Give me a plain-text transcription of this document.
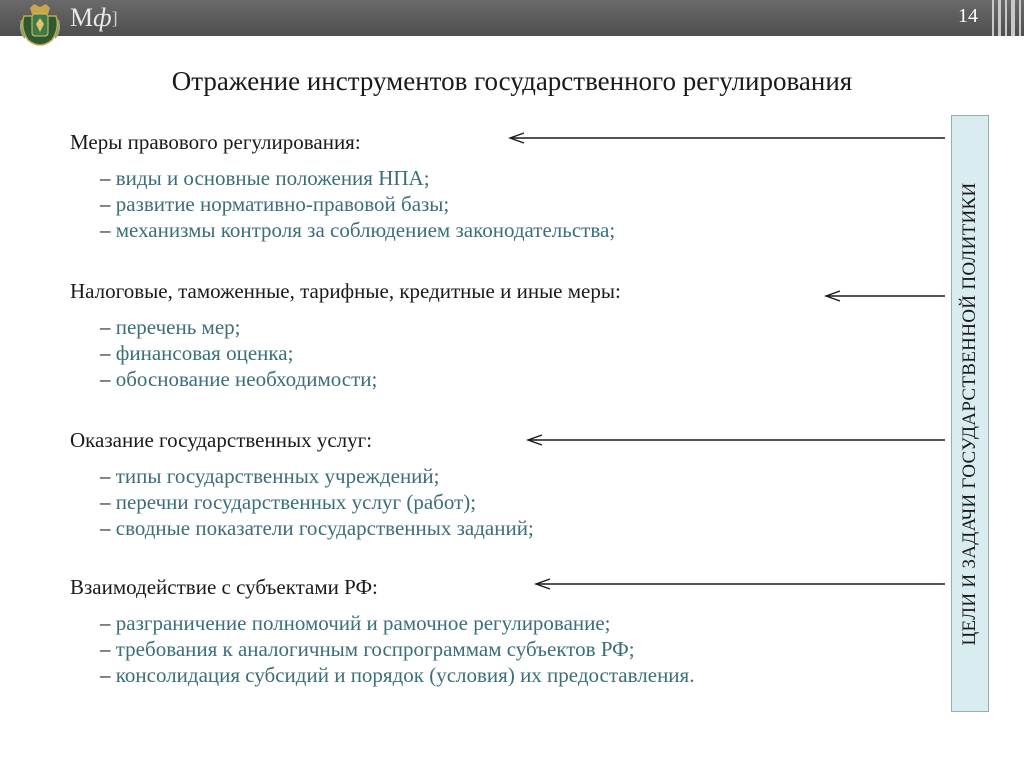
Мф]	14
Отражение инструментов государственного регулирования
Меры правового регулирования:
– виды и основные положения НПА;
– развитие нормативно-правовой базы;
– механизмы контроля за соблюдением законодательства;
Налоговые, таможенные, тарифные, кредитные и иные меры:
– перечень мер;
– финансовая оценка;
– обоснование необходимости;
Оказание государственных услуг:
– типы государственных учреждений;
– перечни государственных услуг (работ);
– сводные показатели государственных заданий;
Взаимодействие с субъектами РФ:
– разграничение полномочий и рамочное регулирование;
– требования к аналогичным госпрограммам субъектов РФ;
– консолидация субсидий и порядок (условия) их предоставления.
ЦЕЛИ И ЗАДАЧИ ГОСУДАРСТВЕННОЙ ПОЛИТИКИ
